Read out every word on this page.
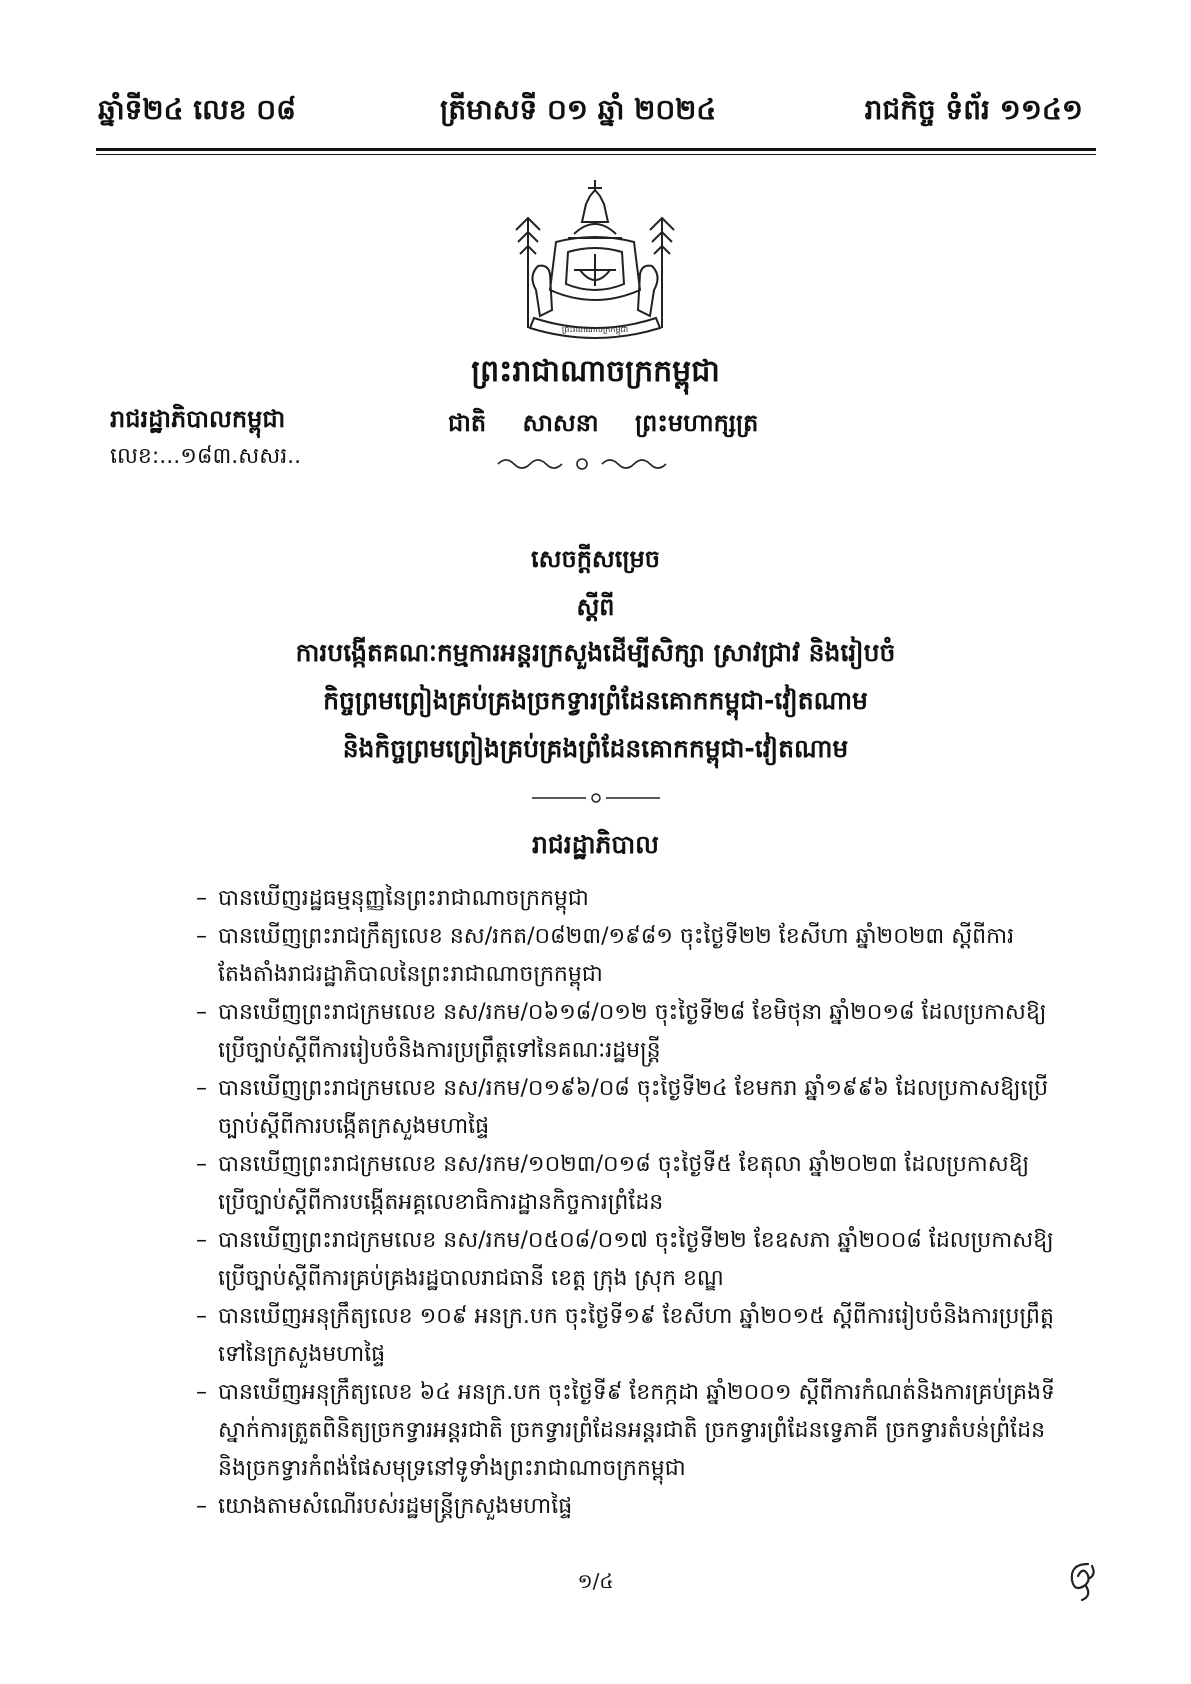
ឆ្នាំទី២៤ លេខ ០៨	ត្រីមាសទី ០១ ឆ្នាំ ២០២៤	រាជកិច្ច ទំព័រ ១១៤១
ព្រះរាជាណាចក្រកម្ពុជា
ព្រះរាជាណាចក្រកម្ពុជា
ជាតិ សាសនា ព្រះមហាក្សត្រ
រាជរដ្ឋាភិបាលកម្ពុជា
លេខ:...១៨៣.សសរ..
សេចក្តីសម្រេច
ស្តីពី
ការបង្កើតគណៈកម្មការអន្តរក្រសួងដើម្បីសិក្សា ស្រាវជ្រាវ និងរៀបចំ
កិច្ចព្រមព្រៀងគ្រប់គ្រងច្រកទ្វារព្រំដែនគោកកម្ពុជា-វៀតណាម
និងកិច្ចព្រមព្រៀងគ្រប់គ្រងព្រំដែនគោកកម្ពុជា-វៀតណាម
រាជរដ្ឋាភិបាល
– បានឃើញរដ្ឋធម្មនុញ្ញនៃព្រះរាជាណាចក្រកម្ពុជា
– បានឃើញព្រះរាជក្រឹត្យលេខ នស/រកត/០៨២៣/១៩៨១ ចុះថ្ងៃទី២២ ខែសីហា ឆ្នាំ២០២៣ ស្តីពីការតែងតាំងរាជរដ្ឋាភិបាលនៃព្រះរាជាណាចក្រកម្ពុជា
– បានឃើញព្រះរាជក្រមលេខ នស/រកម/០៦១៨/០១២ ចុះថ្ងៃទី២៨ ខែមិថុនា ឆ្នាំ២០១៨ ដែលប្រកាសឱ្យប្រើច្បាប់ស្តីពីការរៀបចំនិងការប្រព្រឹត្តទៅនៃគណៈរដ្ឋមន្ត្រី
– បានឃើញព្រះរាជក្រមលេខ នស/រកម/០១៩៦/០៨ ចុះថ្ងៃទី២៤ ខែមករា ឆ្នាំ១៩៩៦ ដែលប្រកាសឱ្យប្រើច្បាប់ស្តីពីការបង្កើតក្រសួងមហាផ្ទៃ
– បានឃើញព្រះរាជក្រមលេខ នស/រកម/១០២៣/០១៨ ចុះថ្ងៃទី៥ ខែតុលា ឆ្នាំ២០២៣ ដែលប្រកាសឱ្យប្រើច្បាប់ស្តីពីការបង្កើតអគ្គលេខាធិការដ្ឋានកិច្ចការព្រំដែន
– បានឃើញព្រះរាជក្រមលេខ នស/រកម/០៥០៨/០១៧ ចុះថ្ងៃទី២២ ខែឧសភា ឆ្នាំ២០០៨ ដែលប្រកាសឱ្យប្រើច្បាប់ស្តីពីការគ្រប់គ្រងរដ្ឋបាលរាជធានី ខេត្ត ក្រុង ស្រុក ខណ្ឌ
– បានឃើញអនុក្រឹត្យលេខ ១០៩ អនក្រ.បក ចុះថ្ងៃទី១៩ ខែសីហា ឆ្នាំ២០១៥ ស្តីពីការរៀបចំនិងការប្រព្រឹត្តទៅនៃក្រសួងមហាផ្ទៃ
– បានឃើញអនុក្រឹត្យលេខ ៦៤ អនក្រ.បក ចុះថ្ងៃទី៩ ខែកក្កដា ឆ្នាំ២០០១ ស្តីពីការកំណត់និងការគ្រប់គ្រងទីស្នាក់ការត្រួតពិនិត្យច្រកទ្វារអន្តរជាតិ ច្រកទ្វារព្រំដែនអន្តរជាតិ ច្រកទ្វារព្រំដែនទ្វេភាគី ច្រកទ្វារតំបន់ព្រំដែន និងច្រកទ្វារកំពង់ផែសមុទ្រនៅទូទាំងព្រះរាជាណាចក្រកម្ពុជា
– យោងតាមសំណើរបស់រដ្ឋមន្ត្រីក្រសួងមហាផ្ទៃ
១/៤
